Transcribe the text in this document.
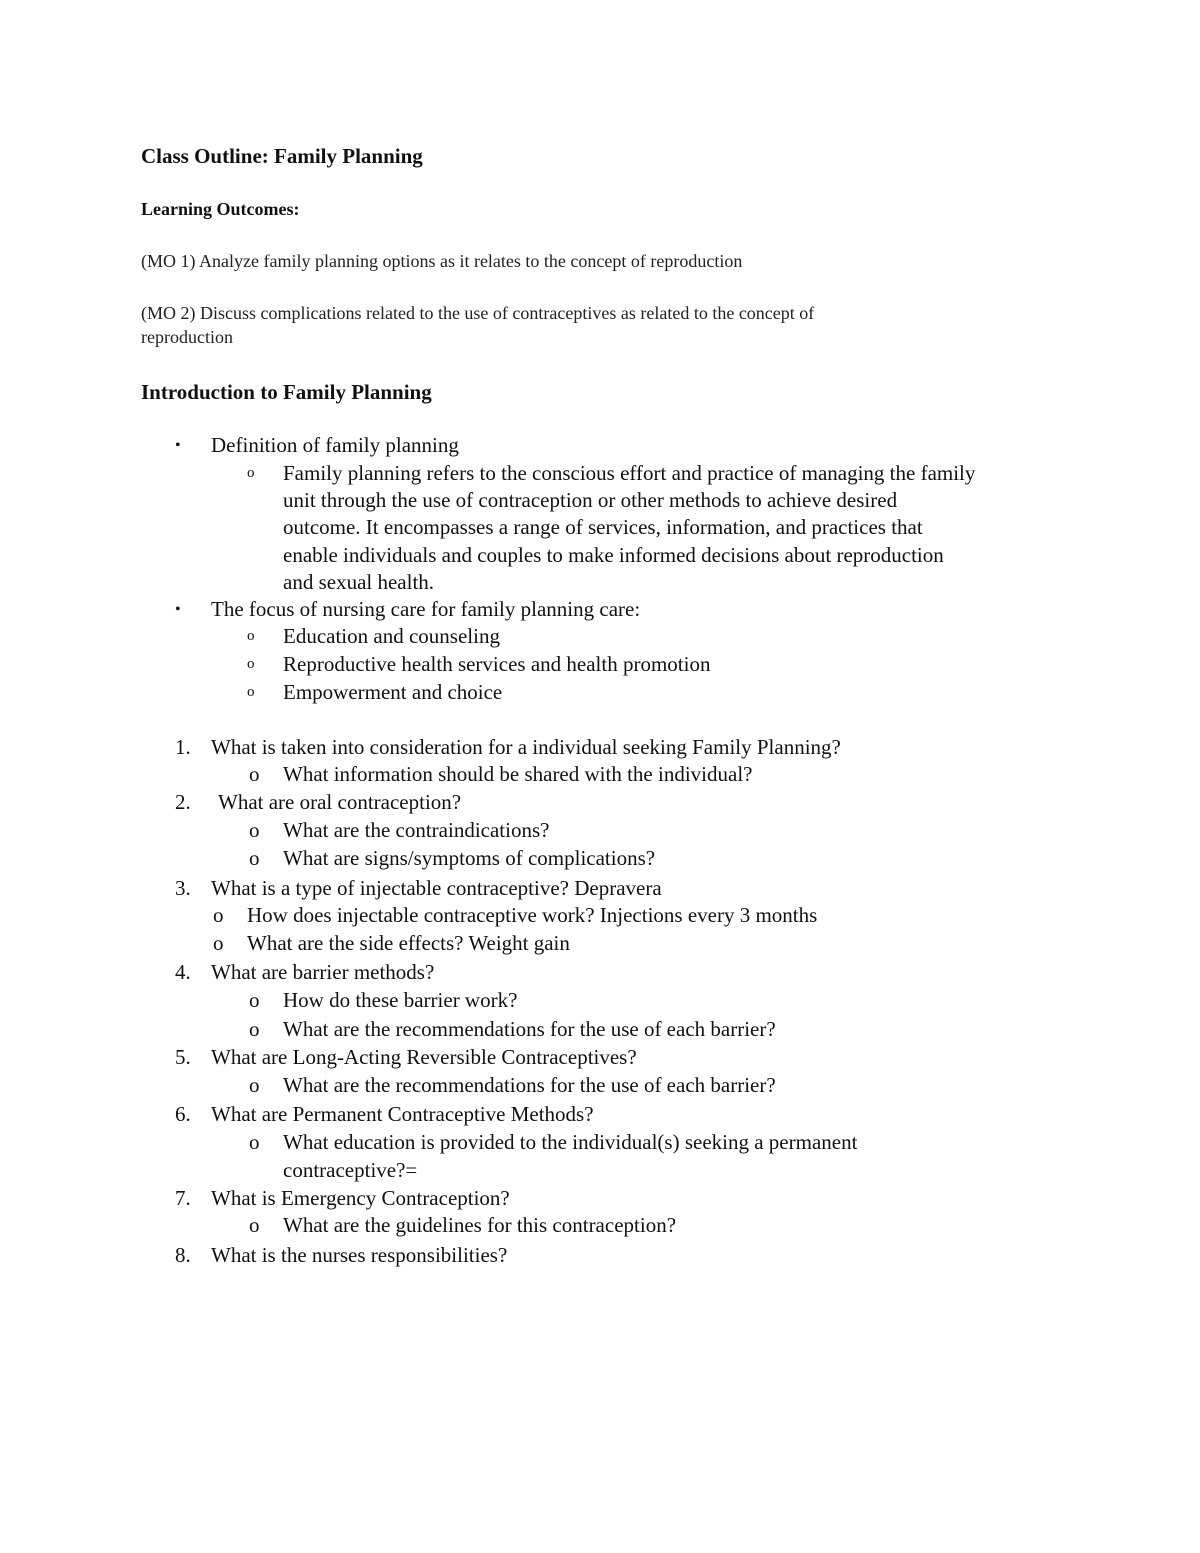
Class Outline: Family Planning
Learning Outcomes:
(MO 1) Analyze family planning options as it relates to the concept of reproduction
(MO 2) Discuss complications related to the use of contraceptives as related to the concept of
reproduction
Introduction to Family Planning
• Definition of family planning
o Family planning refers to the conscious effort and practice of managing the family
unit through the use of contraception or other methods to achieve desired
outcome. It encompasses a range of services, information, and practices that
enable individuals and couples to make informed decisions about reproduction
and sexual health.
• The focus of nursing care for family planning care:
o Education and counseling
o Reproductive health services and health promotion
o Empowerment and choice
1. What is taken into consideration for a individual seeking Family Planning?
o What information should be shared with the individual?
2. What are oral contraception?
o What are the contraindications?
o What are signs/symptoms of complications?
3. What is a type of injectable contraceptive? Depravera
o How does injectable contraceptive work? Injections every 3 months
o What are the side effects? Weight gain
4. What are barrier methods?
o How do these barrier work?
o What are the recommendations for the use of each barrier?
5. What are Long-Acting Reversible Contraceptives?
o What are the recommendations for the use of each barrier?
6. What are Permanent Contraceptive Methods?
o What education is provided to the individual(s) seeking a permanent
contraceptive?=
7. What is Emergency Contraception?
o What are the guidelines for this contraception?
8. What is the nurses responsibilities?
